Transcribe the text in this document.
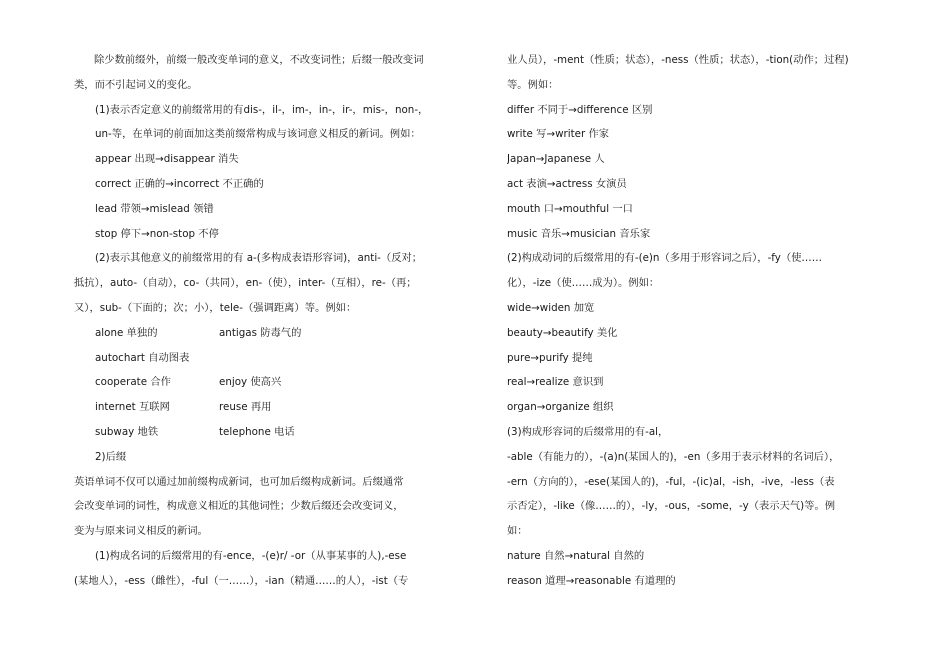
除少数前缀外，前缀一般改变单词的意义，不改变词性；后缀一般改变词
类，而不引起词义的变化。
(1)表示否定意义的前缀常用的有dis-，il-，im-，in-，ir-，mis-，non-，
un-等，在单词的前面加这类前缀常构成与该词意义相反的新词。例如：
appear 出现→disappear 消失
correct 正确的→incorrect 不正确的
lead 带领→mislead 领错
stop 停下→non-stop 不停
(2)表示其他意义的前缀常用的有 a-(多构成表语形容词)，anti-（反对；
抵抗），auto-（自动），co-（共同），en-（使），inter-（互相），re-（再；
又），sub-（下面的；次；小），tele-（强调距离）等。例如：
alone 单独的	antigas 防毒气的
autochart 自动图表
cooperate 合作	enjoy 使高兴
internet 互联网	reuse 再用
subway 地铁	telephone 电话
2)后缀
英语单词不仅可以通过加前缀构成新词，也可加后缀构成新词。后缀通常
会改变单词的词性，构成意义相近的其他词性；少数后缀还会改变词义，
变为与原来词义相反的新词。
(1)构成名词的后缀常用的有-ence，-(e)r/ -or（从事某事的人),-ese
(某地人），-ess（雌性），-ful（一……），-ian（精通……的人），-ist（专
业人员），-ment（性质；状态），-ness（性质；状态），-tion(动作；过程)
等。例如：
differ 不同于→difference 区别
write 写→writer 作家
Japan→Japanese 人
act 表演→actress 女演员
mouth 口→mouthful 一口
music 音乐→musician 音乐家
(2)构成动词的后缀常用的有-(e)n（多用于形容词之后），-fy（使……
化），-ize（使……成为）。例如：
wide→widen 加宽
beauty→beautify 美化
pure→purify 提纯
real→realize 意识到
organ→organize 组织
(3)构成形容词的后缀常用的有-al，
-able（有能力的），-(a)n(某国人的)，-en（多用于表示材料的名词后），
-ern（方向的），-ese(某国人的)，-ful，-(ic)al，-ish，-ive，-less（表
示否定），-like（像……的），-ly，-ous，-some，-y（表示天气)等。例
如：
nature 自然→natural 自然的
reason 道理→reasonable 有道理的
